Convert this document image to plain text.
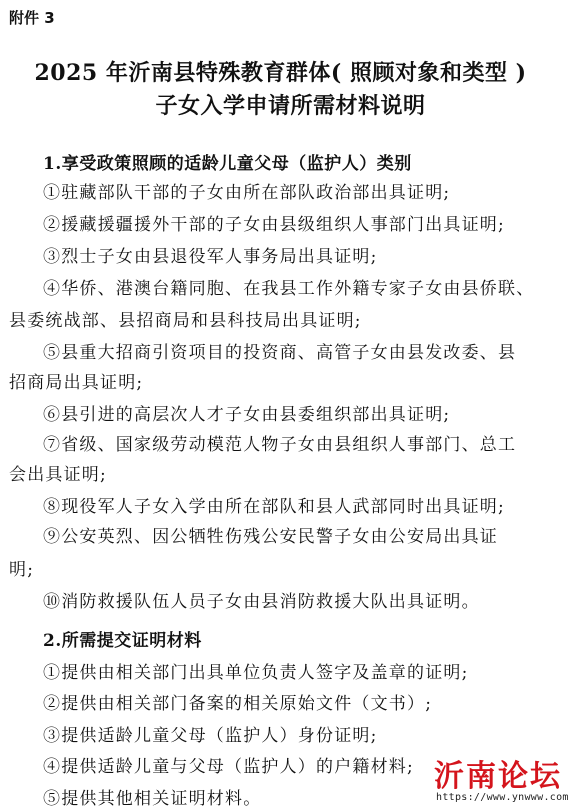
附件 3
2025 年沂南县特殊教育群体( 照顾对象和类型 )
子女入学申请所需材料说明
1.享受政策照顾的适龄儿童父母（监护人）类别
①驻藏部队干部的子女由所在部队政治部出具证明;
②援藏援疆援外干部的子女由县级组织人事部门出具证明;
③烈士子女由县退役军人事务局出具证明;
④华侨、港澳台籍同胞、在我县工作外籍专家子女由县侨联、
县委统战部、县招商局和县科技局出具证明;
⑤县重大招商引资项目的投资商、高管子女由县发改委、县
招商局出具证明;
⑥县引进的高层次人才子女由县委组织部出具证明;
⑦省级、国家级劳动模范人物子女由县组织人事部门、总工
会出具证明;
⑧现役军人子女入学由所在部队和县人武部同时出具证明;
⑨公安英烈、因公牺牲伤残公安民警子女由公安局出具证
明;
⑩消防救援队伍人员子女由县消防救援大队出具证明。
2.所需提交证明材料
①提供由相关部门出具单位负责人签字及盖章的证明;
②提供由相关部门备案的相关原始文件（文书）;
③提供适龄儿童父母（监护人）身份证明;
④提供适龄儿童与父母（监护人）的户籍材料;
⑤提供其他相关证明材料。
沂南论坛
https://www.ynwww.com
